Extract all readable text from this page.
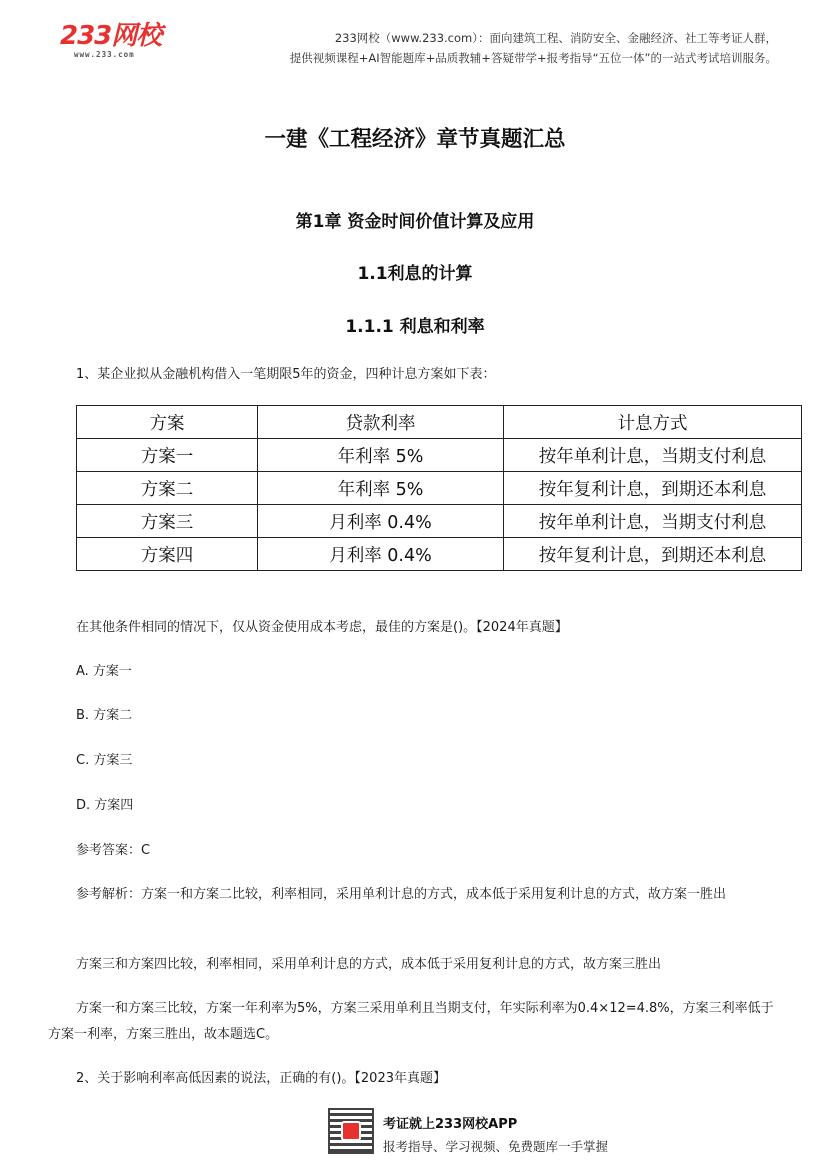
233网校
www.233.com
233网校（www.233.com）：面向建筑工程、消防安全、金融经济、社工等考证人群，
提供视频课程+AI智能题库+品质教辅+答疑带学+报考指导“五位一体”的一站式考试培训服务。
一建《工程经济》章节真题汇总
第1章 资金时间价值计算及应用
1.1利息的计算
1.1.1 利息和利率
1、某企业拟从金融机构借入一笔期限5年的资金，四种计息方案如下表：
方案	贷款利率	计息方式
方案一	年利率 5%	按年单利计息，当期支付利息
方案二	年利率 5%	按年复利计息，到期还本利息
方案三	月利率 0.4%	按年单利计息，当期支付利息
方案四	月利率 0.4%	按年复利计息，到期还本利息
在其他条件相同的情况下，仅从资金使用成本考虑，最佳的方案是()。【2024年真题】
A. 方案一
B. 方案二
C. 方案三
D. 方案四
参考答案：C
参考解析：方案一和方案二比较，利率相同，采用单利计息的方式，成本低于采用复利计息的方式，故方案一胜出
方案三和方案四比较，利率相同，采用单利计息的方式，成本低于采用复利计息的方式，故方案三胜出
方案一和方案三比较，方案一年利率为5%，方案三采用单利且当期支付，年实际利率为0.4×12=4.8%，方案三利率低于方案一利率，方案三胜出，故本题选C。
2、关于影响利率高低因素的说法，正确的有()。【2023年真题】
考证就上233网校APP
报考指导、学习视频、免费题库一手掌握
